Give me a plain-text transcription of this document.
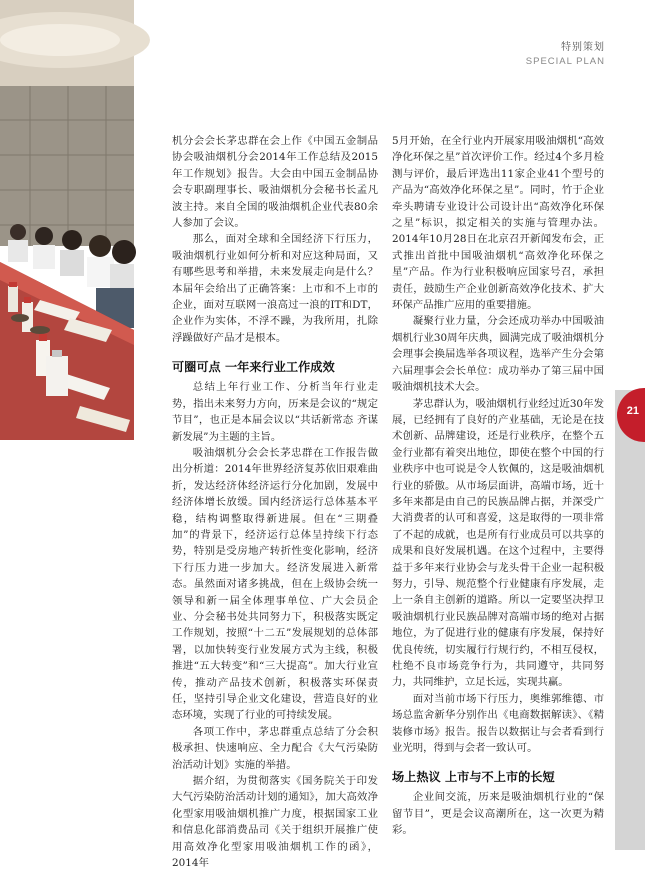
特别策划
SPECIAL PLAN
21

机分会会长茅忠群在会上作《中国五金制品协会吸油烟机分会2014年工作总结及2015年工作规划》报告。大会由中国五金制品协会专职副理事长、吸油烟机分会秘书长孟凡波主持。来自全国的吸油烟机企业代表80余人参加了会议。

那么，面对全球和全国经济下行压力，吸油烟机行业如何分析和对应这种局面，又有哪些思考和举措，未来发展走向是什么？本届年会给出了正确答案：上市和不上市的企业，面对互联网一浪高过一浪的IT和DT，企业作为实体，不浮不躁，为我所用，扎除浮躁做好产品才是根本。

可圈可点 一年来行业工作成效

总结上年行业工作、分析当年行业走势，指出未来努力方向，历来是会议的“规定节目”，也正是本届会议以“共话新常态 齐谋新发展”为主题的主旨。

吸油烟机分会会长茅忠群在工作报告做出分析道：2014年世界经济复苏依旧艰难曲折，发达经济体经济运行分化加剧，发展中经济体增长放缓。国内经济运行总体基本平稳，结构调整取得新进展。但在“三期叠加”的背景下，经济运行总体呈持续下行态势，特别是受房地产转折性变化影响，经济下行压力进一步加大。经济发展进入新常态。虽然面对诸多挑战，但在上级协会统一领导和新一届全体理事单位、广大会员企业、分会秘书处共同努力下，积极落实既定工作规划，按照“十二五”发展规划的总体部署，以加快转变行业发展方式为主线，积极推进“五大转变”和“三大提高”。加大行业宣传，推动产品技术创新，积极落实环保责任，坚持引导企业文化建设，营造良好的业态环境，实现了行业的可持续发展。

各项工作中，茅忠群重点总结了分会积极承担、快速响应、全力配合《大气污染防治活动计划》实施的举措。

据介绍，为贯彻落实《国务院关于印发大气污染防治活动计划的通知》，加大高效净化型家用吸油烟机推广力度，根据国家工业和信息化部消费品司《关于组织开展推广使用高效净化型家用吸油烟机工作的函》，2014年

5月开始，在全行业内开展家用吸油烟机“高效净化环保之星”首次评价工作。经过4个多月检测与评价，最后评选出11家企业41个型号的产品为“高效净化环保之星”。同时，竹于企业牵头聘请专业设计公司设计出“高效净化环保之星”标识，拟定相关的实施与管理办法。2014年10月28日在北京召开新闻发布会，正式推出首批中国吸油烟机“高效净化环保之星”产品。作为行业积极响应国家号召，承担责任，鼓励生产企业创新高效净化技术、扩大环保产品推广应用的重要措施。

凝聚行业力量，分会还成功举办中国吸油烟机行业30周年庆典，圆满完成了吸油烟机分会理事会换届选举各项议程，选举产生分会第六届理事会会长单位：成功举办了第三届中国吸油烟机技术大会。

茅忠群认为，吸油烟机行业经过近30年发展，已经拥有了良好的产业基础，无论是在技术创新、品牌建设，还是行业秩序，在整个五金行业都有着突出地位，即使在整个中国的行业秩序中也可说是令人钦佩的，这是吸油烟机行业的骄傲。从市场层面讲，高端市场，近十多年来都是由自己的民族品牌占据，并深受广大消费者的认可和喜爱，这是取得的一项非常了不起的成就，也是所有行业成员可以共享的成果和良好发展机遇。在这个过程中，主要得益于多年来行业协会与龙头骨干企业一起积极努力，引导、规范整个行业健康有序发展，走上一条自主创新的道路。所以一定要坚决捍卫吸油烟机行业民族品牌对高端市场的绝对占据地位，为了促进行业的健康有序发展，保持好优良传统，切实履行行规行约，不相互侵权，杜绝不良市场竞争行为，共同遵守，共同努力，共同维护，立足长远，实现共赢。

面对当前市场下行压力，奥维郭维德、市场总监舍新华分别作出《电商数据解读》、《精装修市场》报告。报告以数据让与会者看到行业光明，得到与会者一致认可。

场上热议 上市与不上市的长短

企业间交流，历来是吸油烟机行业的“保留节目”，更是会议高潮所在，这一次更为精彩。
